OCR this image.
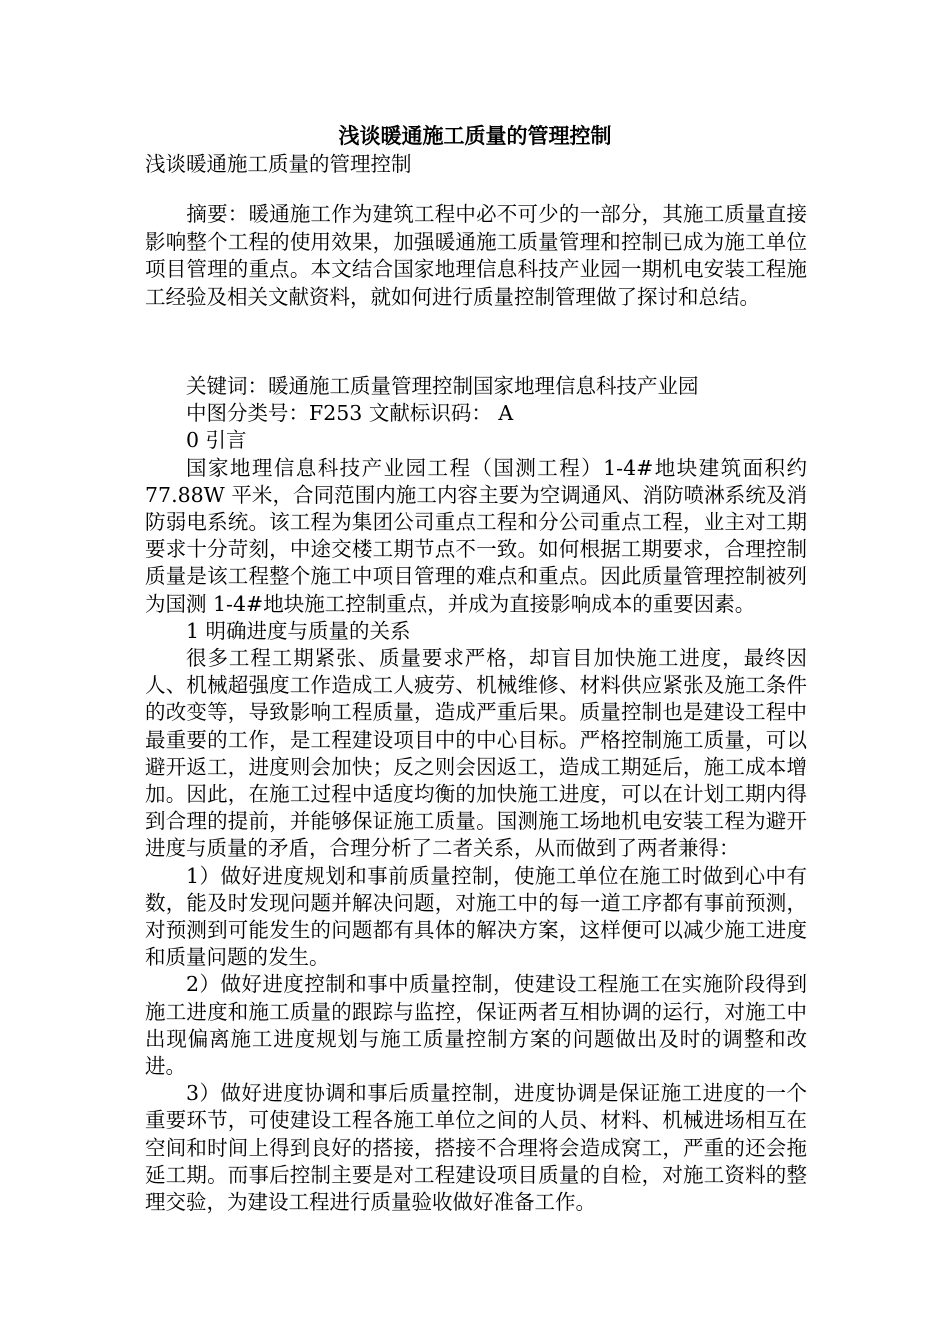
浅谈暖通施工质量的管理控制

浅谈暖通施工质量的管理控制

　　摘要：暖通施工作为建筑工程中必不可少的一部分，其施工质量直接影响整个工程的使用效果，加强暖通施工质量管理和控制已成为施工单位项目管理的重点。本文结合国家地理信息科技产业园一期机电安装工程施工经验及相关文献资料，就如何进行质量控制管理做了探讨和总结。

关键词：暖通施工质量管理控制国家地理信息科技产业园

中图分类号：F253 文献标识码： A

0 引言

国家地理信息科技产业园工程（国测工程）1-4#地块建筑面积约 77.88W 平米，合同范围内施工内容主要为空调通风、消防喷淋系统及消防弱电系统。该工程为集团公司重点工程和分公司重点工程，业主对工期要求十分苛刻，中途交楼工期节点不一致。如何根据工期要求，合理控制质量是该工程整个施工中项目管理的难点和重点。因此质量管理控制被列为国测 1-4#地块施工控制重点，并成为直接影响成本的重要因素。

1 明确进度与质量的关系

很多工程工期紧张、质量要求严格，却盲目加快施工进度，最终因人、机械超强度工作造成工人疲劳、机械维修、材料供应紧张及施工条件的改变等，导致影响工程质量，造成严重后果。质量控制也是建设工程中最重要的工作，是工程建设项目中的中心目标。严格控制施工质量，可以避开返工，进度则会加快；反之则会因返工，造成工期延后，施工成本增加。因此，在施工过程中适度均衡的加快施工进度，可以在计划工期内得到合理的提前，并能够保证施工质量。国测施工场地机电安装工程为避开进度与质量的矛盾，合理分析了二者关系，从而做到了两者兼得：

1）做好进度规划和事前质量控制，使施工单位在施工时做到心中有数，能及时发现问题并解决问题，对施工中的每一道工序都有事前预测，对预测到可能发生的问题都有具体的解决方案，这样便可以减少施工进度和质量问题的发生。

2）做好进度控制和事中质量控制，使建设工程施工在实施阶段得到施工进度和施工质量的跟踪与监控，保证两者互相协调的运行，对施工中出现偏离施工进度规划与施工质量控制方案的问题做出及时的调整和改进。

3）做好进度协调和事后质量控制，进度协调是保证施工进度的一个重要环节，可使建设工程各施工单位之间的人员、材料、机械进场相互在空间和时间上得到良好的搭接，搭接不合理将会造成窝工，严重的还会拖延工期。而事后控制主要是对工程建设项目质量的自检，对施工资料的整理交验，为建设工程进行质量验收做好准备工作。
